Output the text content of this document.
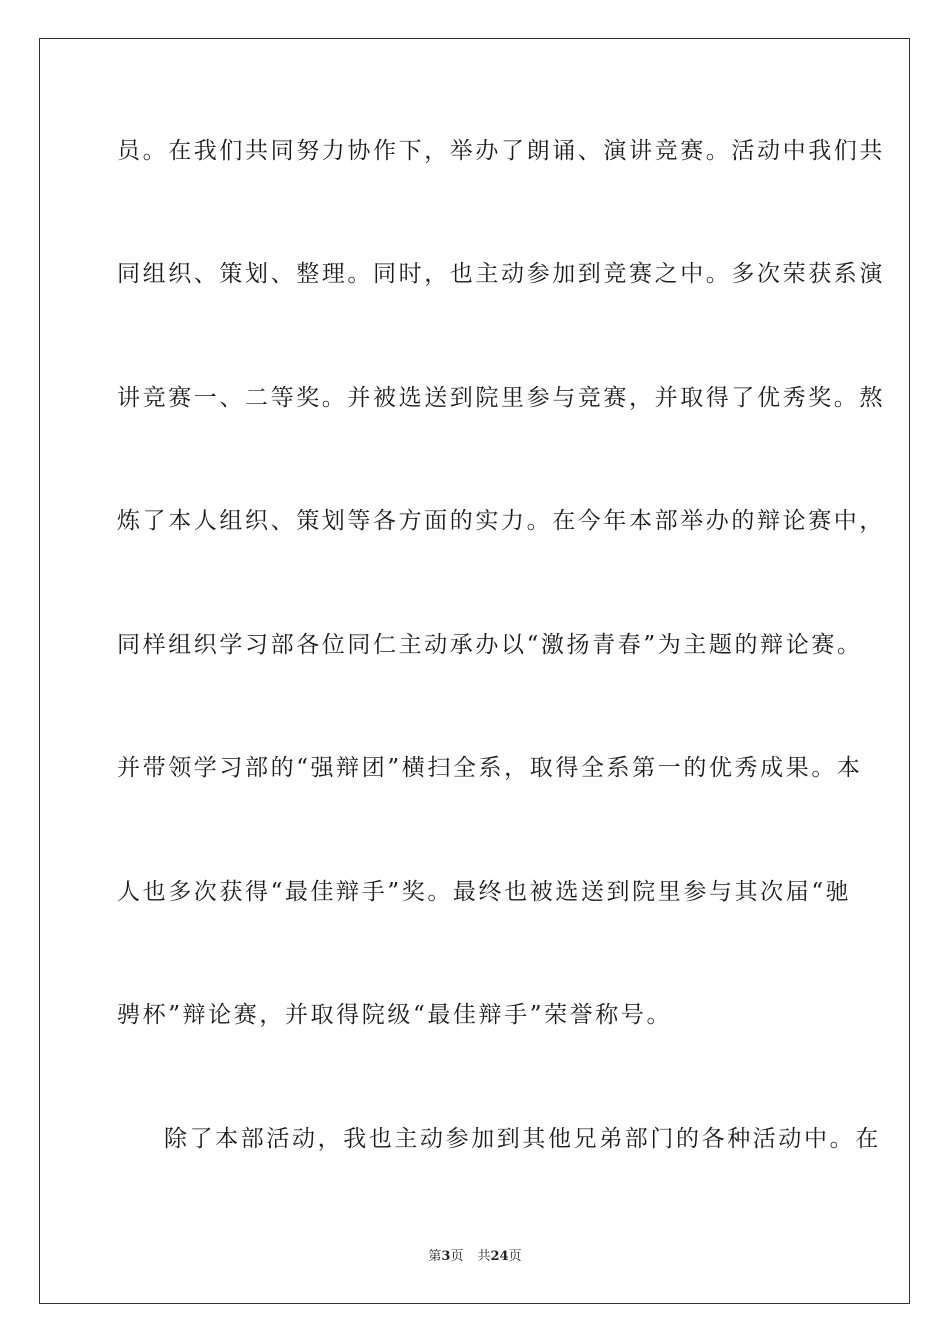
员。在我们共同努力协作下，举办了朗诵、演讲竞赛。活动中我们共
同组织、策划、整理。同时，也主动参加到竞赛之中。多次荣获系演
讲竞赛一、二等奖。并被选送到院里参与竞赛，并取得了优秀奖。熬
炼了本人组织、策划等各方面的实力。在今年本部举办的辩论赛中，
同样组织学习部各位同仁主动承办以“激扬青春”为主题的辩论赛。
并带领学习部的“强辩团”横扫全系，取得全系第一的优秀成果。本
人也多次获得“最佳辩手”奖。最终也被选送到院里参与其次届“驰
骋杯”辩论赛，并取得院级“最佳辩手”荣誉称号。
除了本部活动，我也主动参加到其他兄弟部门的各种活动中。在
第3页 共24页
